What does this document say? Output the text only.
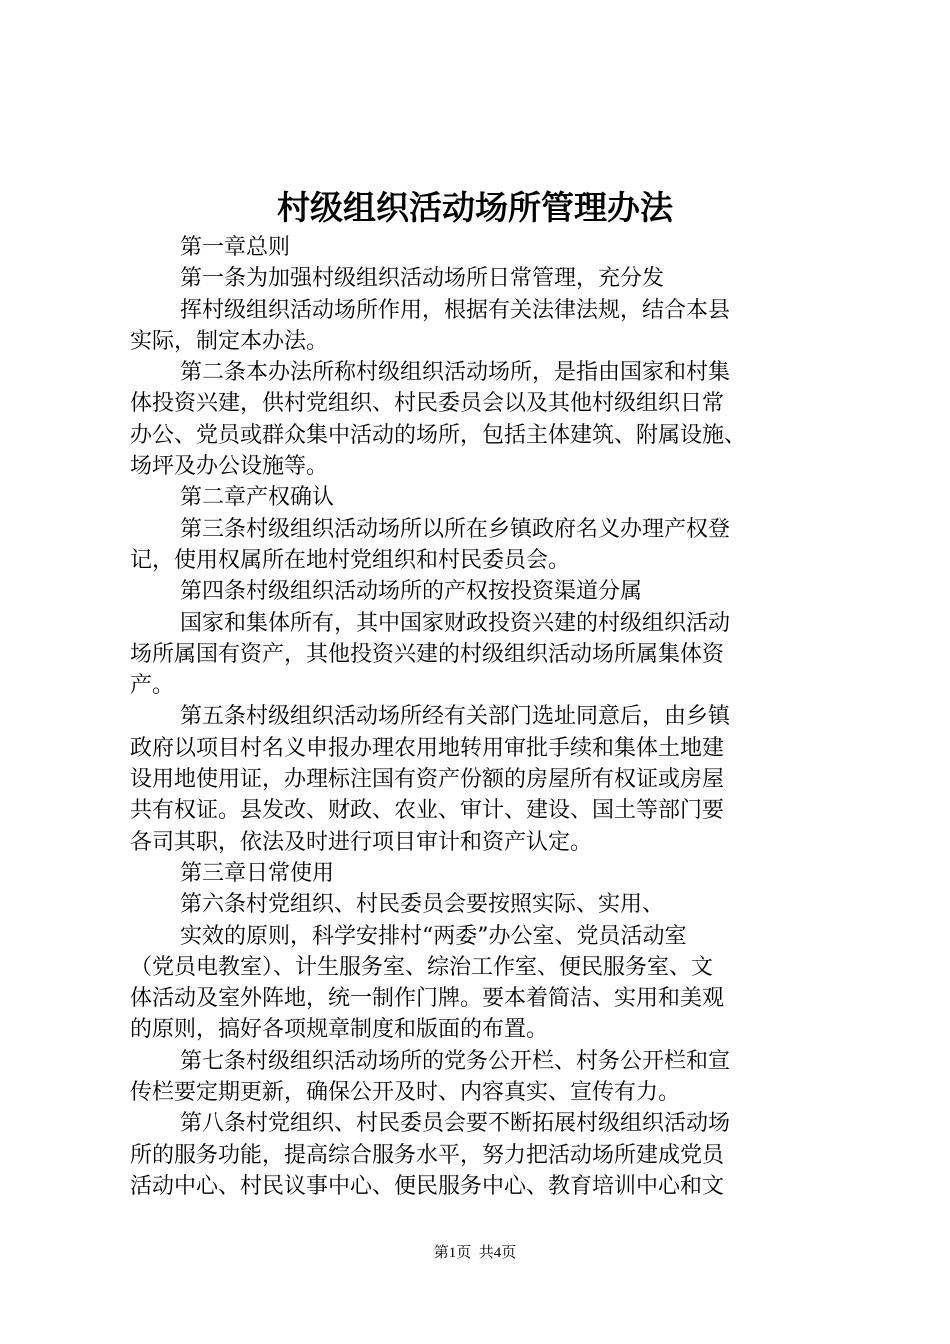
村级组织活动场所管理办法
第一章总则
第一条为加强村级组织活动场所日常管理，充分发
挥村级组织活动场所作用，根据有关法律法规，结合本县
实际，制定本办法。
第二条本办法所称村级组织活动场所，是指由国家和村集
体投资兴建，供村党组织、村民委员会以及其他村级组织日常
办公、党员或群众集中活动的场所，包括主体建筑、附属设施、
场坪及办公设施等。
第二章产权确认
第三条村级组织活动场所以所在乡镇政府名义办理产权登
记，使用权属所在地村党组织和村民委员会。
第四条村级组织活动场所的产权按投资渠道分属
国家和集体所有，其中国家财政投资兴建的村级组织活动
场所属国有资产，其他投资兴建的村级组织活动场所属集体资
产。
第五条村级组织活动场所经有关部门选址同意后，由乡镇
政府以项目村名义申报办理农用地转用审批手续和集体土地建
设用地使用证，办理标注国有资产份额的房屋所有权证或房屋
共有权证。县发改、财政、农业、审计、建设、国土等部门要
各司其职，依法及时进行项目审计和资产认定。
第三章日常使用
第六条村党组织、村民委员会要按照实际、实用、
实效的原则，科学安排村“两委”办公室、党员活动室
（党员电教室）、计生服务室、综治工作室、便民服务室、文
体活动及室外阵地，统一制作门牌。要本着简洁、实用和美观
的原则，搞好各项规章制度和版面的布置。
第七条村级组织活动场所的党务公开栏、村务公开栏和宣
传栏要定期更新，确保公开及时、内容真实、宣传有力。
第八条村党组织、村民委员会要不断拓展村级组织活动场
所的服务功能，提高综合服务水平，努力把活动场所建成党员
活动中心、村民议事中心、便民服务中心、教育培训中心和文
第1页  共4页
